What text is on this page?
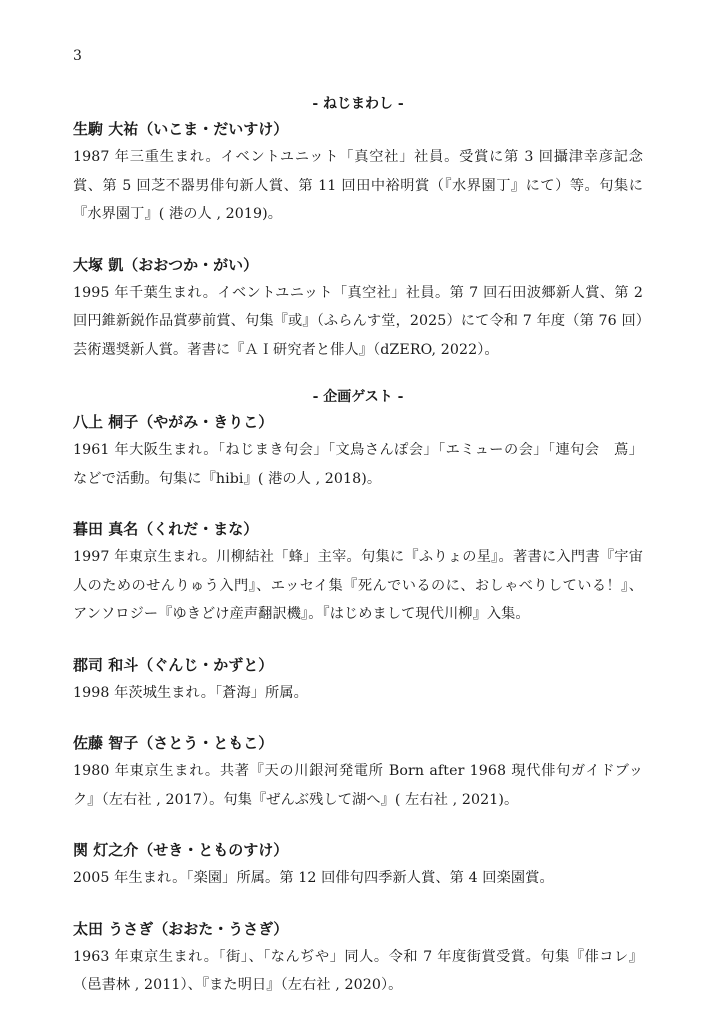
3
- ねじまわし -
生駒 大祐（いこま・だいすけ）

1987 年三重生まれ。イベントユニット「真空社」社員。受賞に第 3 回攝津幸彦記念賞、第 5 回芝不器男俳句新人賞、第 11 回田中裕明賞（『水界園丁』にて）等。句集に『水界園丁』( 港の人 , 2019)。

大塚 凱（おおつか・がい）

1995 年千葉生まれ。イベントユニット「真空社」社員。第 7 回石田波郷新人賞、第 2 回円錐新鋭作品賞夢前賞、句集『或』（ふらんす堂，2025）にて令和 7 年度（第 76 回）芸術選奨新人賞。著書に『ＡＩ研究者と俳人』（dZERO, 2022）。

- 企画ゲスト -
八上 桐子（やがみ・きりこ）

1961 年大阪生まれ。「ねじまき句会」「文鳥さんぽ会」「エミューの会」「連句会　蔦」などで活動。句集に『hibi』( 港の人 , 2018)。

暮田 真名（くれだ・まな）

1997 年東京生まれ。川柳結社「蜂」主宰。句集に『ふりょの星』。著書に入門書『宇宙人のためのせんりゅう入門』、エッセイ集『死んでいるのに、おしゃべりしている！』、アンソロジー『ゆきどけ産声翻訳機』。『はじめまして現代川柳』入集。

郡司 和斗（ぐんじ・かずと）

1998 年茨城生まれ。「蒼海」所属。

佐藤 智子（さとう・ともこ）

1980 年東京生まれ。共著『天の川銀河発電所 Born after 1968 現代俳句ガイドブック』（左右社 , 2017）。句集『ぜんぶ残して湖へ』( 左右社 , 2021)。

関 灯之介（せき・とものすけ）

2005 年生まれ。「楽園」所属。第 12 回俳句四季新人賞、第 4 回楽園賞。

太田 うさぎ（おおた・うさぎ）

1963 年東京生まれ。「街」、「なんぢや」同人。令和 7 年度街賞受賞。句集『俳コレ』（邑書林 , 2011）、『また明日』（左右社 , 2020）。
